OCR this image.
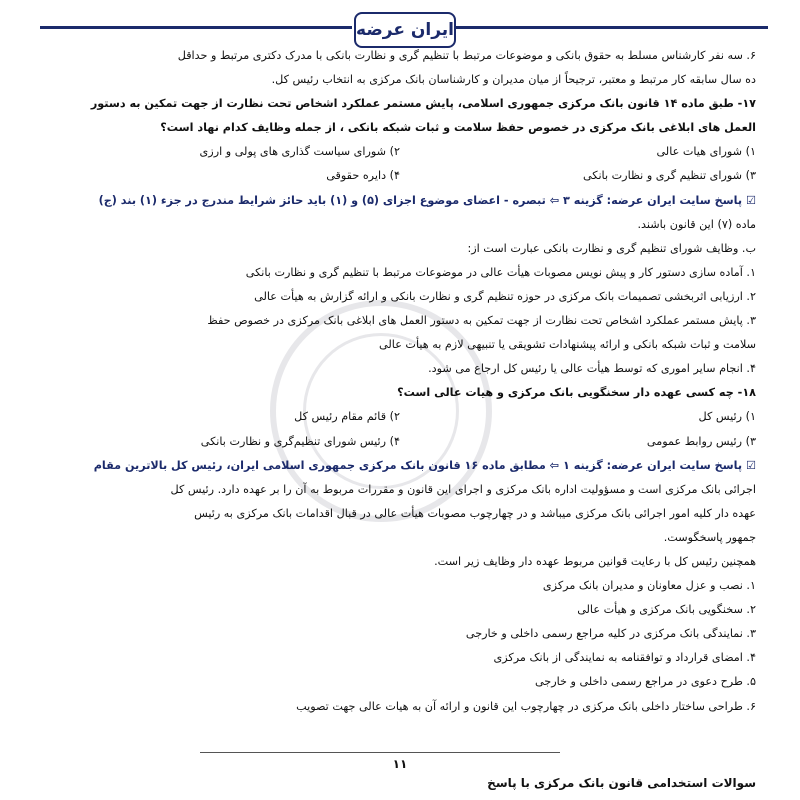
ایران عرضه
۶. سه نفر کارشناس مسلط به حقوق بانکی و موضوعات مرتبط با تنظیم گری و نظارت بانکی با مدرک دکتری مرتبط و حداقل
ده سال سابقه کار مرتبط و معتبر، ترجیحاً از میان مدیران و کارشناسان بانک مرکزی به انتخاب رئیس کل.
۱۷- طبق ماده ۱۴ قانون بانک مرکزی جمهوری اسلامی، پایش مستمر عملکرد اشخاص تحت نظارت از جهت تمکین به دستور
العمل های ابلاغی بانک مرکزی در خصوص حفظ سلامت و ثبات شبکه بانکی ، از جمله وظایف کدام نهاد است؟
۱) شورای هیات عالی
۲) شورای سیاست گذاری های پولی و ارزی
۳) شورای تنظیم گری و نظارت بانکی
۴) دایره حقوقی
☑ پاسخ سایت ایران عرضه: گزینه ۳ ⇦ تبصره - اعضای موضوع اجزای (۵) و (۱) باید حائز شرایط مندرج در جزء (۱) بند (ج)
ماده (۷) این قانون باشند.
ب. وظایف شورای تنظیم گری و نظارت بانکی عبارت است از:
۱. آماده سازی دستور کار و پیش نویس مصوبات هیأت عالی در موضوعات مرتبط با تنظیم گری و نظارت بانکی
۲. ارزیابی اثربخشی تصمیمات بانک مرکزی در حوزه تنظیم گری و نظارت بانکی و ارائه گزارش به هیأت عالی
۳. پایش مستمر عملکرد اشخاص تحت نظارت از جهت تمکین به دستور العمل های ابلاغی بانک مرکزی در خصوص حفظ
سلامت و ثبات شبکه بانکی و ارائه پیشنهادات تشویقی یا تنبیهی لازم به هیأت عالی
۴. انجام سایر اموری که توسط هیأت عالی یا رئیس کل ارجاع می شود.
۱۸- چه کسی عهده دار سخنگویی بانک مرکزی و هیات عالی است؟
۱) رئیس کل
۲) قائم مقام رئیس کل
۳) رئیس روابط عمومی
۴) رئیس شورای تنظیم‌گری و نظارت بانکی
☑ پاسخ سایت ایران عرضه: گزینه ۱ ⇦ مطابق ماده ۱۶ قانون بانک مرکزی جمهوری اسلامی ایران، رئیس کل بالاترین مقام
اجرائی بانک مرکزی است و مسؤولیت اداره بانک مرکزی و اجرای این قانون و مقررات مربوط به آن را بر عهده دارد. رئیس کل
عهده دار کلیه امور اجرائی بانک مرکزی میباشد و در چهارچوب مصوبات هیأت عالی در قبال اقدامات بانک مرکزی به رئیس
جمهور پاسخگوست.
همچنین رئیس کل با رعایت قوانین مربوط عهده دار وظایف زیر است.
۱. نصب و عزل معاونان و مدیران بانک مرکزی
۲. سخنگویی بانک مرکزی و هیأت عالی
۳. نمایندگی بانک مرکزی در کلیه مراجع رسمی داخلی و خارجی
۴. امضای قرارداد و توافقنامه به نمایندگی از بانک مرکزی
۵. طرح دعوی در مراجع رسمی داخلی و خارجی
۶. طراحی ساختار داخلی بانک مرکزی در چهارچوب این قانون و ارائه آن به هیات عالی جهت تصویب
۱۱
سوالات استخدامی قانون بانک مرکزی با پاسخ
